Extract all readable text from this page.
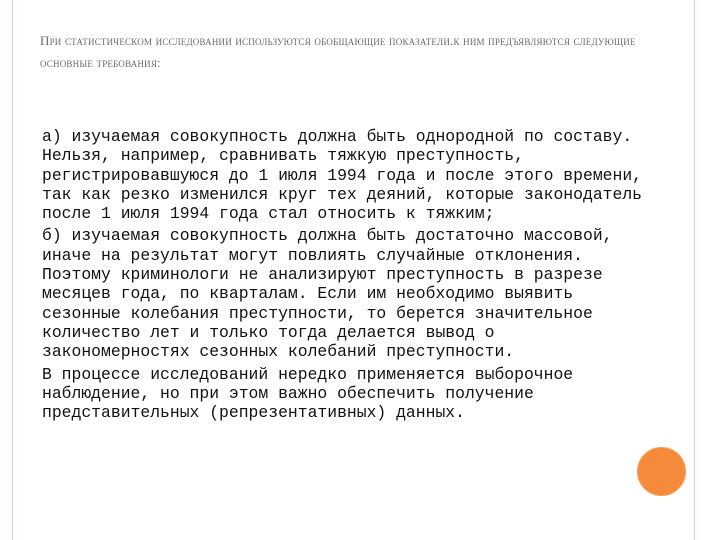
При статистическом исследовании используются обобщающие показатели.к ним предъявляются следующие основные требования:

а) изучаемая совокупность должна быть однородной по составу. Нельзя, например, сравнивать тяжкую преступность, регистрировавшуюся до 1 июля 1994 года и после этого времени, так как резко изменился круг тех деяний, которые законодатель после 1 июля 1994 года стал относить к тяжким;

б) изучаемая совокупность должна быть достаточно массовой, иначе на результат могут повлиять случайные отклонения. Поэтому криминологи не анализируют преступность в разрезе месяцев года, по кварталам. Если им необходимо выявить сезонные колебания преступности, то берется значительное количество лет и только тогда делается вывод о закономерностях сезонных колебаний преступности.

В процессе исследований нередко применяется выборочное наблюдение, но при этом важно обеспечить получение представительных (репрезентативных) данных.
